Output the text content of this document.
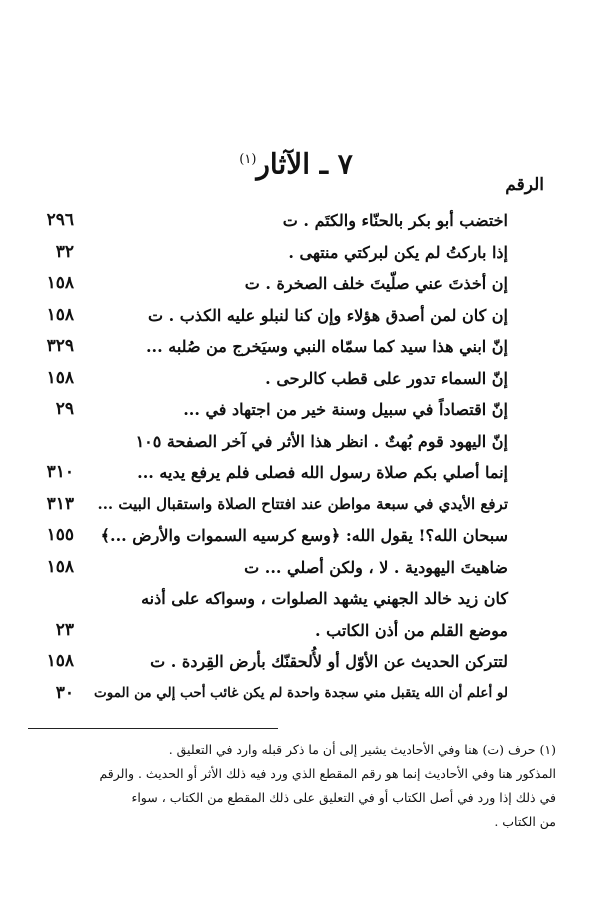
٧ ـ الآثار$^{(١)}$
الرقم
اختضب أبو بكر بالحنّاء والكتَم . ت
٢٩٦
إذا باركتُ لم يكن لبركتي منتهى .
٣٢
إن أخذتَ عني صلّيتَ خلف الصخرة . ت
١٥٨
إن كان لمن أصدق هؤلاء وإن كنا لنبلو عليه الكذب . ت
١٥٨
إنّ ابني هذا سيد كما سمّاه النبي وسيَخرج من صُلبه ...
٣٢٩
إنّ السماء تدور على قطب كالرحى .
١٥٨
إنّ اقتصاداً في سبيل وسنة خير من اجتهاد في ...
٢٩
إنّ اليهود قوم بُهتٌ . انظر هذا الأثر في آخر الصفحة ١٠٥
إنما أصلي بكم صلاة رسول الله فصلى فلم يرفع يديه ...
٣١٠
ترفع الأيدي في سبعة مواطن عند افتتاح الصلاة واستقبال البيت ...
٣١٣
سبحان الله؟! يقول الله: ﴿وسع كرسيه السموات والأرض ...﴾
١٥٥
ضاهيتَ اليهودية . لا ، ولكن أصلي ... ت
١٥٨
كان زيد خالد الجهني يشهد الصلوات ، وسواكه على أذنه
موضع القلم من أذن الكاتب .
٢٣
لتتركن الحديث عن الأوّل أو لأُلحقنّك بأرض القِردة . ت
١٥٨
لو أعلم أن الله يتقبل مني سجدة واحدة لم يكن غائب أحب إلي من الموت
٣٠

(١) حرف (ت) هنا وفي الأحاديث يشير إلى أن ما ذكر قبله وارد في التعليق .

المذكور هنا وفي الأحاديث إنما هو رقم المقطع الذي ورد فيه ذلك الأثر أو الحديث . والرقم

في ذلك إذا ورد في أصل الكتاب أو في التعليق على ذلك المقطع من الكتاب ، سواء

من الكتاب .
